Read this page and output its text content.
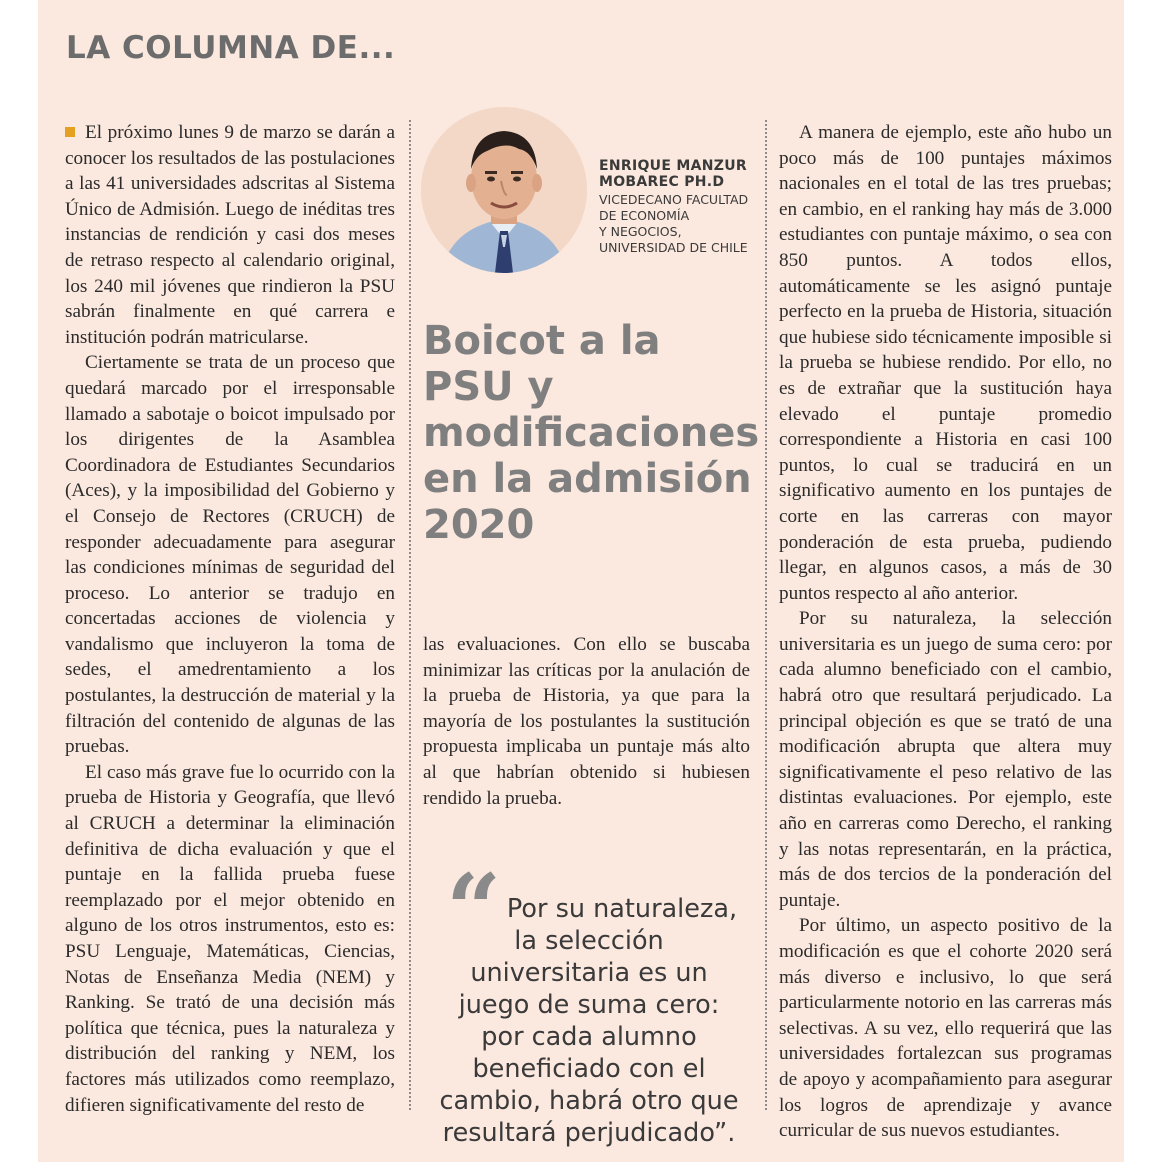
LA COLUMNA DE...

El próximo lunes 9 de marzo se darán a conocer los resultados de las postulaciones a las 41 universidades adscritas al Sistema Único de Admisión. Luego de inéditas tres instancias de rendición y casi dos meses de retraso respecto al calendario original, los 240 mil jóvenes que rindieron la PSU sabrán finalmente en qué carrera e institución podrán matricularse.

Ciertamente se trata de un proceso que quedará marcado por el irresponsable llamado a sabotaje o boicot impulsado por los dirigentes de la Asamblea Coordinadora de Estudiantes Secundarios (Aces), y la imposibilidad del Gobierno y el Consejo de Rectores (CRUCH) de responder adecuadamente para asegurar las condiciones mínimas de seguridad del proceso. Lo anterior se tradujo en concertadas acciones de violencia y vandalismo que incluyeron la toma de sedes, el amedrentamiento a los postulantes, la destrucción de material y la filtración del contenido de algunas de las pruebas.

El caso más grave fue lo ocurrido con la prueba de Historia y Geografía, que llevó al CRUCH a determinar la eliminación definitiva de dicha evaluación y que el puntaje en la fallida prueba fuese reemplazado por el mejor obtenido en alguno de los otros instrumentos, esto es: PSU Lenguaje, Matemáticas, Ciencias, Notas de Enseñanza Media (NEM) y Ranking. Se trató de una decisión más política que técnica, pues la naturaleza y distribución del ranking y NEM, los factores más utilizados como reemplazo, difieren significativamente del resto de

ENRIQUE MANZUR
MOBAREC PH.D

VICEDECANO FACULTAD
DE ECONOMÍA
Y NEGOCIOS,
UNIVERSIDAD DE CHILE

Boicot a la PSU y modificaciones en la admisión 2020

las evaluaciones. Con ello se buscaba minimizar las críticas por la anulación de la prueba de Historia, ya que para la mayoría de los postulantes la sustitución propuesta implicaba un puntaje más alto al que habrían obtenido si hubiesen rendido la prueba.

“ Por su naturaleza, la selección universitaria es un juego de suma cero: por cada alumno beneficiado con el cambio, habrá otro que resultará perjudicado”.

A manera de ejemplo, este año hubo un poco más de 100 puntajes máximos nacionales en el total de las tres pruebas; en cambio, en el ranking hay más de 3.000 estudiantes con puntaje máximo, o sea con 850 puntos. A todos ellos, automáticamente se les asignó puntaje perfecto en la prueba de Historia, situación que hubiese sido técnicamente imposible si la prueba se hubiese rendido. Por ello, no es de extrañar que la sustitución haya elevado el puntaje promedio correspondiente a Historia en casi 100 puntos, lo cual se traducirá en un significativo aumento en los puntajes de corte en las carreras con mayor ponderación de esta prueba, pudiendo llegar, en algunos casos, a más de 30 puntos respecto al año anterior.

Por su naturaleza, la selección universitaria es un juego de suma cero: por cada alumno beneficiado con el cambio, habrá otro que resultará perjudicado. La principal objeción es que se trató de una modificación abrupta que altera muy significativamente el peso relativo de las distintas evaluaciones. Por ejemplo, este año en carreras como Derecho, el ranking y las notas representarán, en la práctica, más de dos tercios de la ponderación del puntaje.

Por último, un aspecto positivo de la modificación es que el cohorte 2020 será más diverso e inclusivo, lo que será particularmente notorio en las carreras más selectivas. A su vez, ello requerirá que las universidades fortalezcan sus programas de apoyo y acompañamiento para asegurar los logros de aprendizaje y avance curricular de sus nuevos estudiantes.
